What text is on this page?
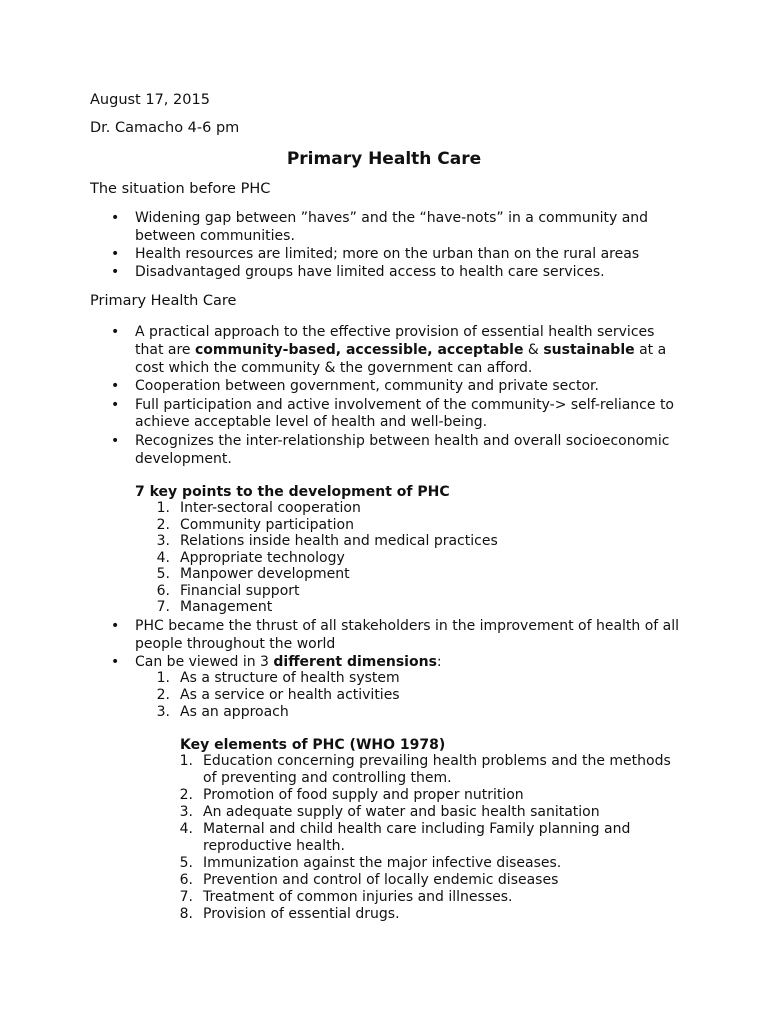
August 17, 2015
Dr. Camacho 4-6 pm
Primary Health Care
The situation before PHC
• Widening gap between ”haves” and the “have-nots” in a community and
between communities.
• Health resources are limited; more on the urban than on the rural areas
• Disadvantaged groups have limited access to health care services.
Primary Health Care
• A practical approach to the effective provision of essential health services
that are community-based, accessible, acceptable & sustainable at a
cost which the community & the government can afford.
• Cooperation between government, community and private sector.
• Full participation and active involvement of the community-> self-reliance to
achieve acceptable level of health and well-being.
• Recognizes the inter-relationship between health and overall socioeconomic
development.
7 key points to the development of PHC
1. Inter-sectoral cooperation
2. Community participation
3. Relations inside health and medical practices
4. Appropriate technology
5. Manpower development
6. Financial support
7. Management
• PHC became the thrust of all stakeholders in the improvement of health of all
people throughout the world
• Can be viewed in 3 different dimensions:
1. As a structure of health system
2. As a service or health activities
3. As an approach
Key elements of PHC (WHO 1978)
1. Education concerning prevailing health problems and the methods
of preventing and controlling them.
2. Promotion of food supply and proper nutrition
3. An adequate supply of water and basic health sanitation
4. Maternal and child health care including Family planning and
reproductive health.
5. Immunization against the major infective diseases.
6. Prevention and control of locally endemic diseases
7. Treatment of common injuries and illnesses.
8. Provision of essential drugs.
